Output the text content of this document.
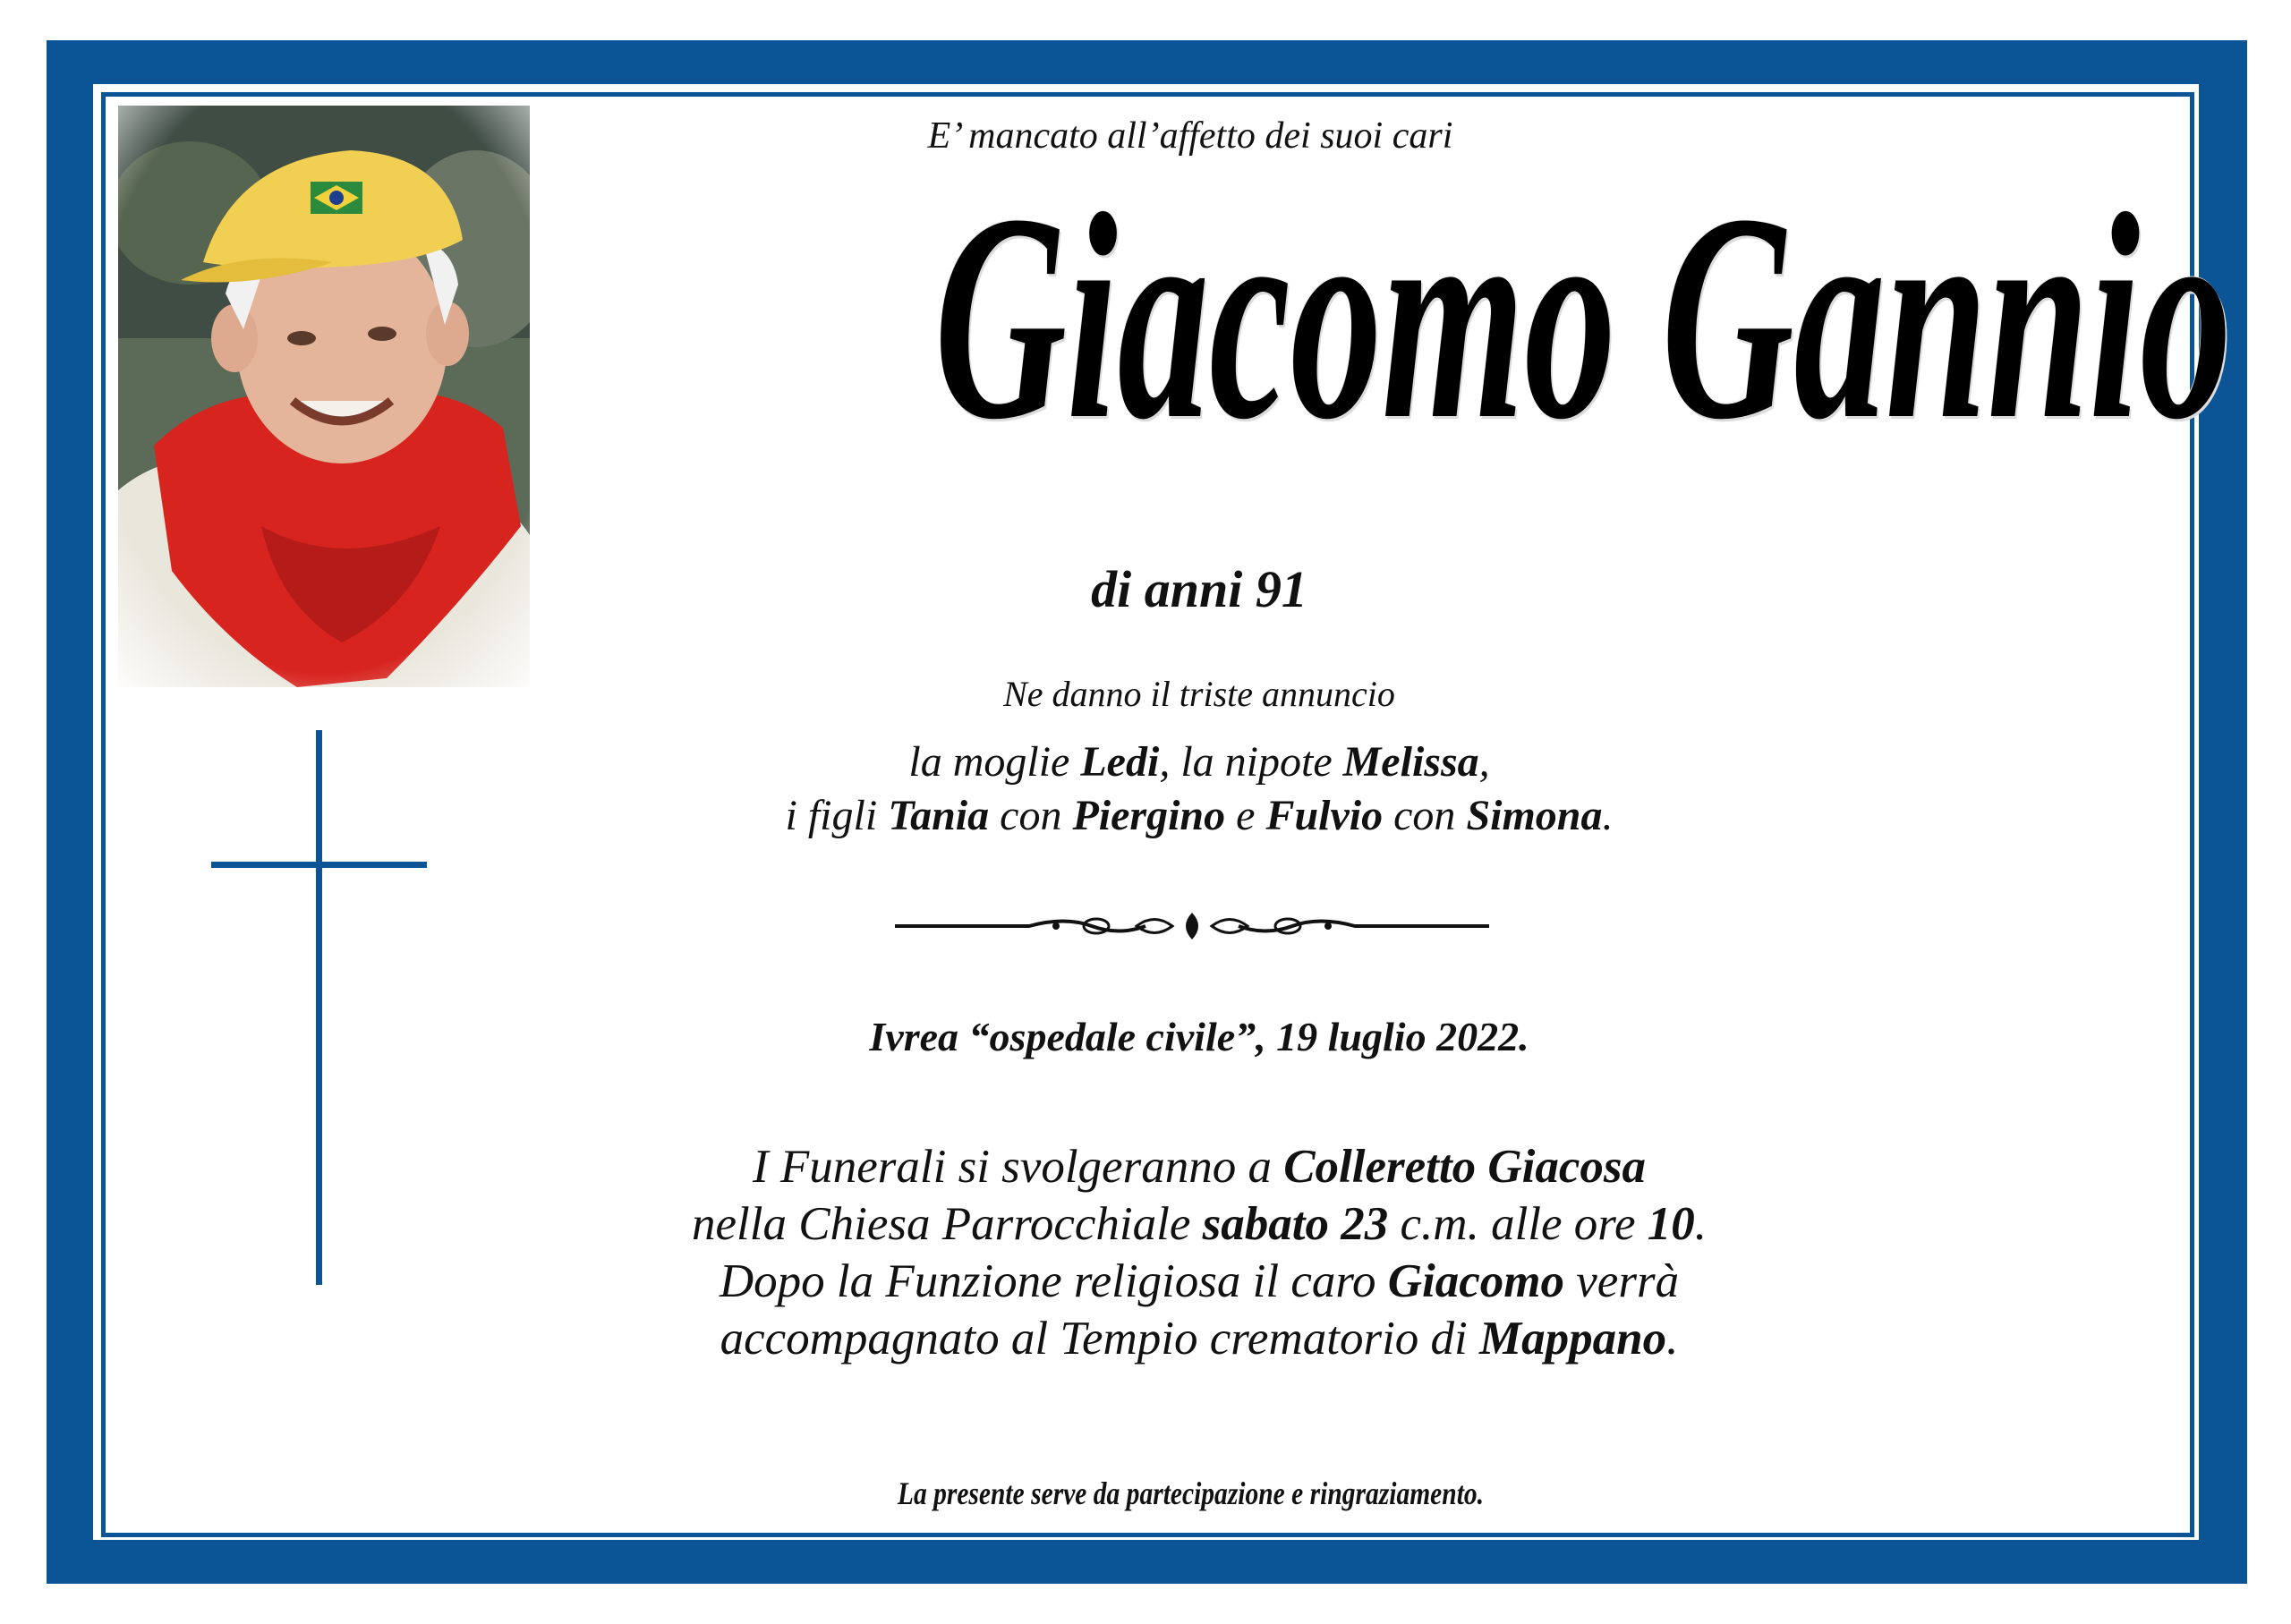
E’ mancato all’affetto dei suoi cari
Giacomo Gannio
di anni 91
Ne danno il triste annuncio
la moglie Ledi, la nipote Melissa,
i figli Tania con Piergino e Fulvio con Simona.
Ivrea “ospedale civile”, 19 luglio 2022.
I Funerali si svolgeranno a Colleretto Giacosa
nella Chiesa Parrocchiale sabato 23 c.m. alle ore 10.
Dopo la Funzione religiosa il caro Giacomo verrà
accompagnato al Tempio crematorio di Mappano.
La presente serve da partecipazione e ringraziamento.
